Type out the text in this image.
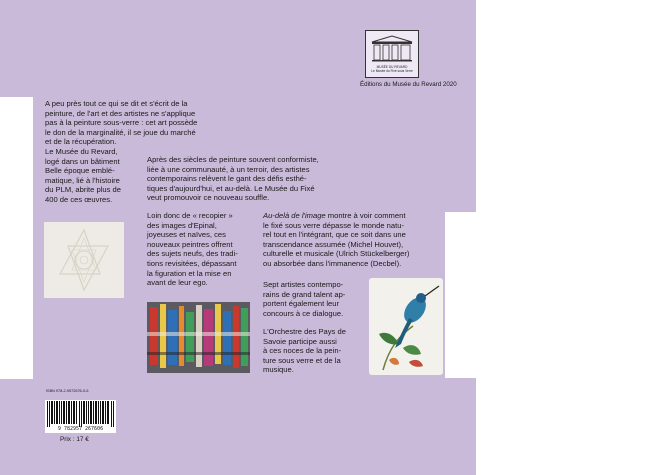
MUSÉE DU REVARD
Le Musée du Fixé sous Verre
Éditions du Musée du Revard 2020
A peu près tout ce qui se dit et s'écrit de la
peinture, de l'art et des artistes ne s'applique
pas à la peinture sous-verre : cet art possède
le don de la marginalité, il se joue du marché
et de la récupération.
Le Musée du Revard,
logé dans un bâtiment
Belle époque emblé-
matique, lié à l'histoire
du PLM, abrite plus de
400 de ces œuvres.
Après des siècles de peinture souvent conformiste,
liée à une communauté, à un terroir, des artistes
contemporains relèvent le gant des défis esthé-
tiques d'aujourd'hui, et au-delà. Le Musée du Fixé
veut promouvoir ce nouveau souffle.
Loin donc de « recopier »
des images d'Epinal,
joyeuses et naïves, ces
nouveaux peintres offrent
des sujets neufs, des tradi-
tions revisitées, dépassant
la figuration et la mise en
avant de leur ego.
Au-delà de l'image montre à voir comment
le fixé sous verre dépasse le monde natu-
rel tout en l'intégrant, que ce soit dans une
transcendance assumée (Michel Houvet),
culturelle et musicale (Ulrich Stückelberger)
ou absorbée dans l'immanence (Decbel).
Sept artistes contempo-
rains de grand talent ap-
portent également leur
concours à ce dialogue.
L'Orchestre des Pays de
Savoie participe aussi
à ces noces de la pein-
ture sous verre et de la
musique.
ISBN 978-2-9572676-0-6
9 782957 267606
Prix : 17 €
